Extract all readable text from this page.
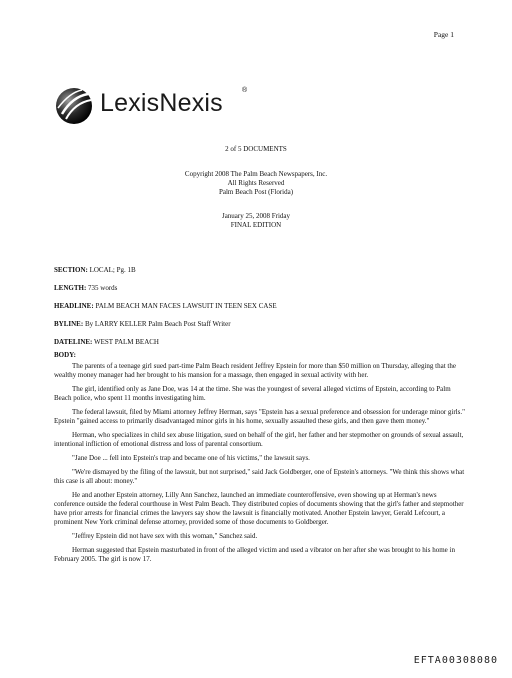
Page 1
LexisNexis	®
2 of 5 DOCUMENTS
Copyright 2008 The Palm Beach Newspapers, Inc.
All Rights Reserved
Palm Beach Post (Florida)
January 25, 2008 Friday
FINAL EDITION
SECTION: LOCAL; Pg. 1B
LENGTH: 735 words
HEADLINE: PALM BEACH MAN FACES LAWSUIT IN TEEN SEX CASE
BYLINE: By LARRY KELLER Palm Beach Post Staff Writer
DATELINE: WEST PALM BEACH
BODY:

The parents of a teenage girl sued part-time Palm Beach resident Jeffrey Epstein for more than $50 million on Thursday, alleging that the wealthy money manager had her brought to his mansion for a massage, then engaged in sexual activity with her.

The girl, identified only as Jane Doe, was 14 at the time. She was the youngest of several alleged victims of Epstein, according to Palm Beach police, who spent 11 months investigating him.

The federal lawsuit, filed by Miami attorney Jeffrey Herman, says "Epstein has a sexual preference and obsession for underage minor girls." Epstein "gained access to primarily disadvantaged minor girls in his home, sexually assaulted these girls, and then gave them money."

Herman, who specializes in child sex abuse litigation, sued on behalf of the girl, her father and her stepmother on grounds of sexual assault, intentional infliction of emotional distress and loss of parental consortium.

"Jane Doe ... fell into Epstein's trap and became one of his victims," the lawsuit says.

"We're dismayed by the filing of the lawsuit, but not surprised," said Jack Goldberger, one of Epstein's attorneys. "We think this shows what this case is all about: money."

He and another Epstein attorney, Lilly Ann Sanchez, launched an immediate counteroffensive, even showing up at Herman's news conference outside the federal courthouse in West Palm Beach. They distributed copies of documents showing that the girl's father and stepmother have prior arrests for financial crimes the lawyers say show the lawsuit is financially motivated. Another Epstein lawyer, Gerald Lefcourt, a prominent New York criminal defense attorney, provided some of those documents to Goldberger.

"Jeffrey Epstein did not have sex with this woman," Sanchez said.

Herman suggested that Epstein masturbated in front of the alleged victim and used a vibrator on her after she was brought to his home in February 2005. The girl is now 17.

EFTA00308080
